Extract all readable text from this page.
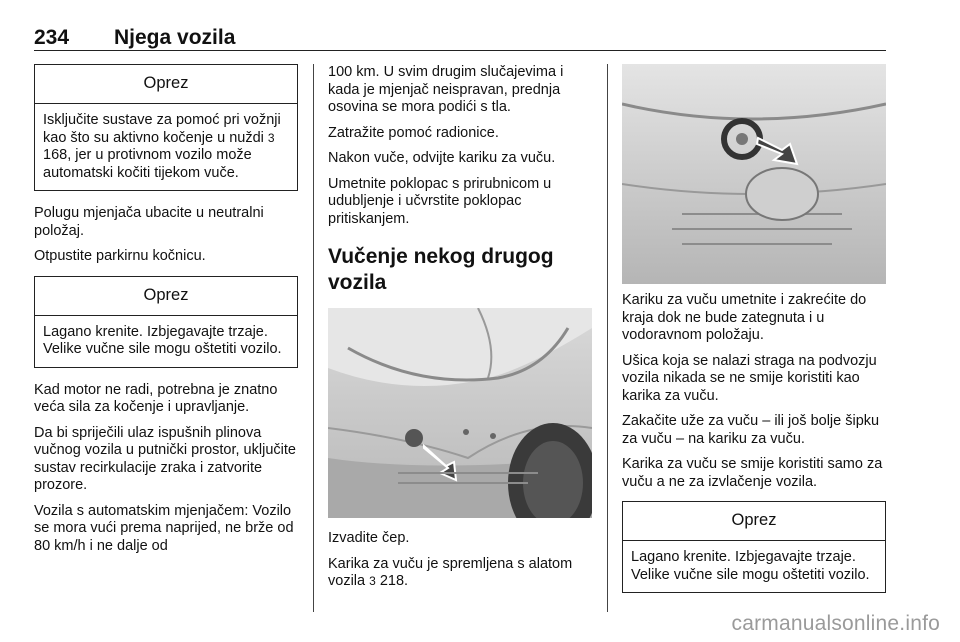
234 Njega vozila
Oprez
Isključite sustave za pomoć pri vožnji kao što su aktivno kočenje u nuždi 3 168, jer u protivnom vozilo može automatski kočiti tijekom vuče.

Polugu mjenjača ubacite u neutralni položaj.

Otpustite parkirnu kočnicu.

Oprez
Lagano krenite. Izbjegavajte trzaje. Velike vučne sile mogu oštetiti vozilo.

Kad motor ne radi, potrebna je znatno veća sila za kočenje i upravljanje.

Da bi spriječili ulaz ispušnih plinova vučnog vozila u putnički prostor, uključite sustav recirkulacije zraka i zatvorite prozore.

Vozila s automatskim mjenjačem: Vozilo se mora vući prema naprijed, ne brže od 80 km/h i ne dalje od

100 km. U svim drugim slučajevima i kada je mjenjač neispravan, prednja osovina se mora podići s tla.

Zatražite pomoć radionice.

Nakon vuče, odvijte kariku za vuču.

Umetnite poklopac s prirubnicom u udubljenje i učvrstite poklopac pritiskanjem.

Vučenje nekog drugog vozila

Izvadite čep.

Karika za vuču je spremljena s alatom vozila 3 218.

Kariku za vuču umetnite i zakrećite do kraja dok ne bude zategnuta i u vodoravnom položaju.

Ušica koja se nalazi straga na podvozju vozila nikada se ne smije koristiti kao karika za vuču.

Zakačite uže za vuču – ili još bolje šipku za vuču – na kariku za vuču.

Karika za vuču se smije koristiti samo za vuču a ne za izvlačenje vozila.

Oprez
Lagano krenite. Izbjegavajte trzaje. Velike vučne sile mogu oštetiti vozilo.
carmanualsonline.info
